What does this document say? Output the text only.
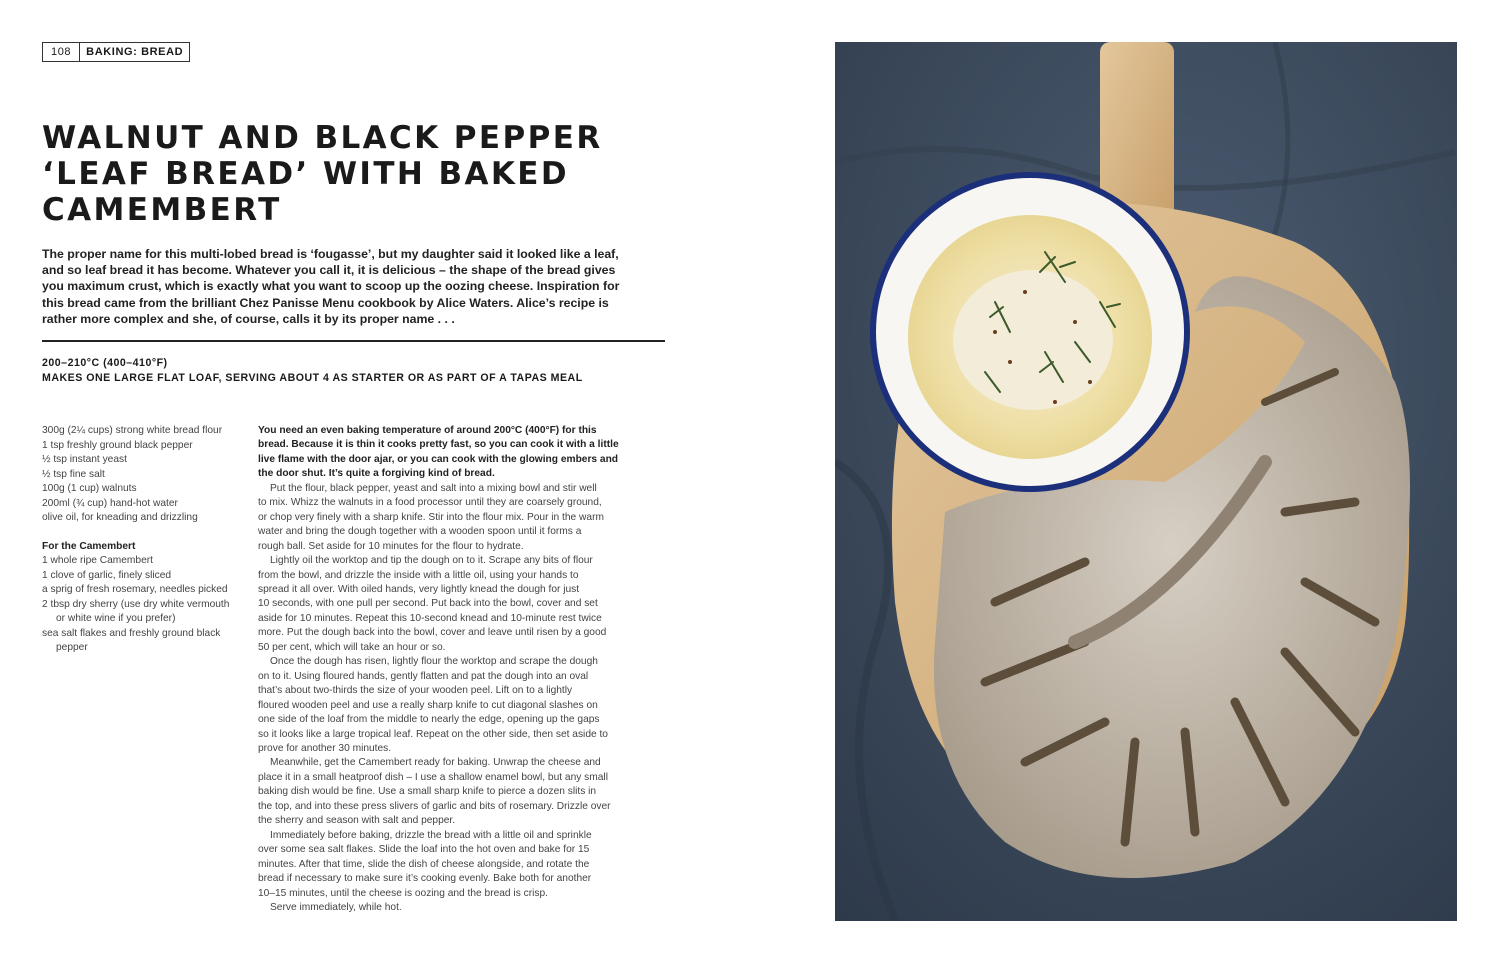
108	BAKING: BREAD
WALNUT AND BLACK PEPPER
‘LEAF BREAD’ WITH BAKED
CAMEMBERT
The proper name for this multi-lobed bread is ‘fougasse’, but my daughter said it looked like a leaf,
and so leaf bread it has become. Whatever you call it, it is delicious – the shape of the bread gives
you maximum crust, which is exactly what you want to scoop up the oozing cheese. Inspiration for
this bread came from the brilliant Chez Panisse Menu cookbook by Alice Waters. Alice’s recipe is
rather more complex and she, of course, calls it by its proper name . . .
200–210°C (400–410°F)
MAKES ONE LARGE FLAT LOAF, SERVING ABOUT 4 AS STARTER OR AS PART OF A TAPAS MEAL
300g (2¼ cups) strong white bread flour
1 tsp freshly ground black pepper
½ tsp instant yeast
½ tsp fine salt
100g (1 cup) walnuts
200ml (¾ cup) hand-hot water
olive oil, for kneading and drizzling
For the Camembert
1 whole ripe Camembert
1 clove of garlic, finely sliced
a sprig of fresh rosemary, needles picked
2 tbsp dry sherry (use dry white vermouth or white wine if you prefer)
sea salt flakes and freshly ground black pepper
You need an even baking temperature of around 200°C (400°F) for this
bread. Because it is thin it cooks pretty fast, so you can cook it with a little
live flame with the door ajar, or you can cook with the glowing embers and
the door shut. It’s quite a forgiving kind of bread.
Put the flour, black pepper, yeast and salt into a mixing bowl and stir well
to mix. Whizz the walnuts in a food processor until they are coarsely ground,
or chop very finely with a sharp knife. Stir into the flour mix. Pour in the warm
water and bring the dough together with a wooden spoon until it forms a
rough ball. Set aside for 10 minutes for the flour to hydrate.
Lightly oil the worktop and tip the dough on to it. Scrape any bits of flour
from the bowl, and drizzle the inside with a little oil, using your hands to
spread it all over. With oiled hands, very lightly knead the dough for just
10 seconds, with one pull per second. Put back into the bowl, cover and set
aside for 10 minutes. Repeat this 10-second knead and 10-minute rest twice
more. Put the dough back into the bowl, cover and leave until risen by a good
50 per cent, which will take an hour or so.
Once the dough has risen, lightly flour the worktop and scrape the dough
on to it. Using floured hands, gently flatten and pat the dough into an oval
that’s about two-thirds the size of your wooden peel. Lift on to a lightly
floured wooden peel and use a really sharp knife to cut diagonal slashes on
one side of the loaf from the middle to nearly the edge, opening up the gaps
so it looks like a large tropical leaf. Repeat on the other side, then set aside to
prove for another 30 minutes.
Meanwhile, get the Camembert ready for baking. Unwrap the cheese and
place it in a small heatproof dish – I use a shallow enamel bowl, but any small
baking dish would be fine. Use a small sharp knife to pierce a dozen slits in
the top, and into these press slivers of garlic and bits of rosemary. Drizzle over
the sherry and season with salt and pepper.
Immediately before baking, drizzle the bread with a little oil and sprinkle
over some sea salt flakes. Slide the loaf into the hot oven and bake for 15
minutes. After that time, slide the dish of cheese alongside, and rotate the
bread if necessary to make sure it’s cooking evenly. Bake both for another
10–15 minutes, until the cheese is oozing and the bread is crisp.
Serve immediately, while hot.
